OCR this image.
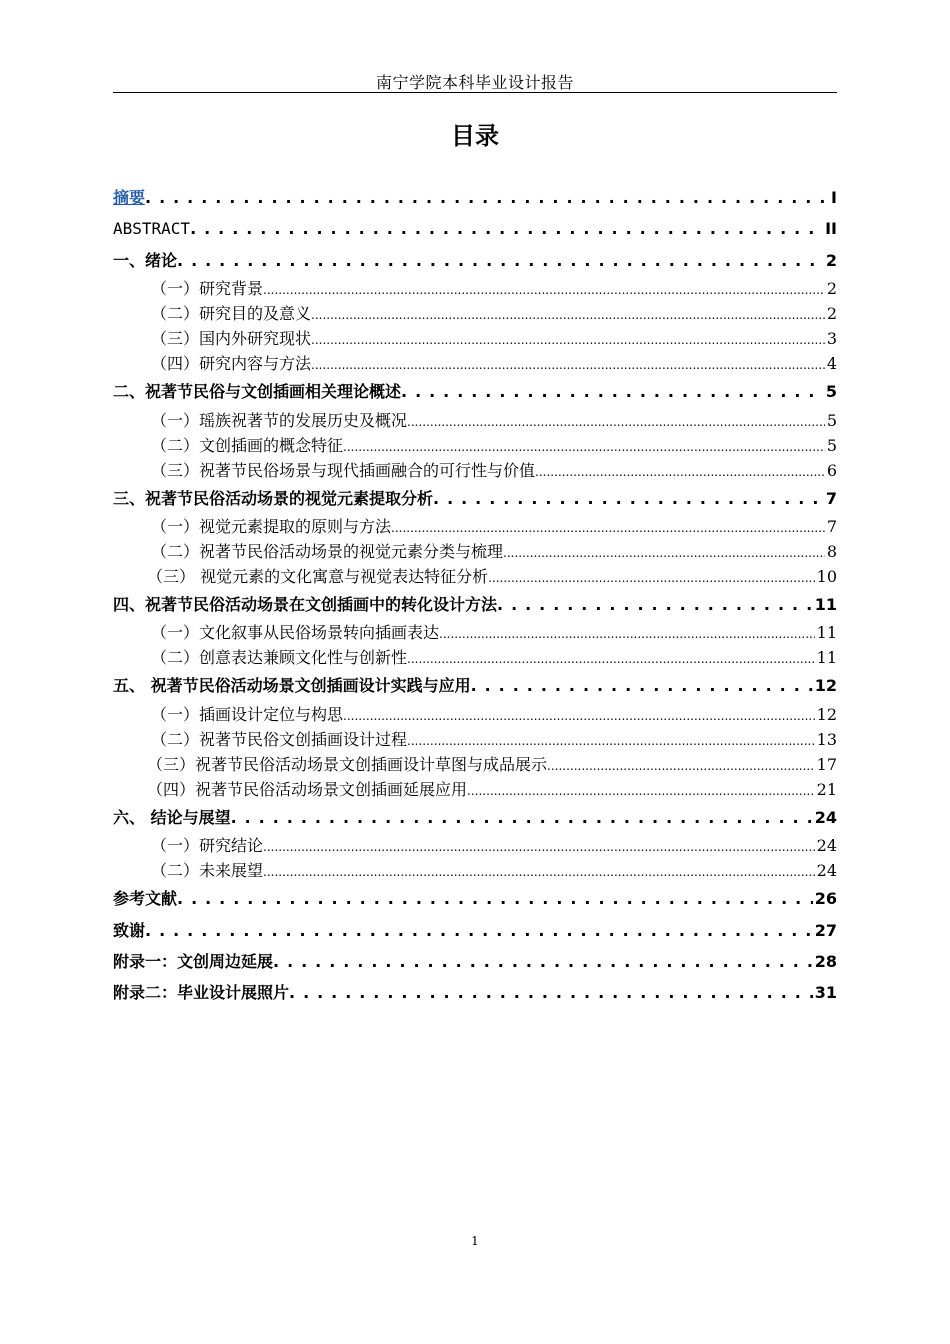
南宁学院本科毕业设计报告
目录
摘要 . . .	I
ABSTRACT . . .	II
一、绪论 . . .	2
（一）研究背景 .....	2
（二）研究目的及意义 .....	2
（三）国内外研究现状 .....	3
（四）研究内容与方法 .....	4
二、祝著节民俗与文创插画相关理论概述 . . .	5
（一）瑶族祝著节的发展历史及概况 .....	5
（二）文创插画的概念特征 .....	5
（三）祝著节民俗场景与现代插画融合的可行性与价值 .....	6
三、祝著节民俗活动场景的视觉元素提取分析 . . .	7
（一）视觉元素提取的原则与方法 .....	7
（二）祝著节民俗活动场景的视觉元素分类与梳理 .....	8
（三） 视觉元素的文化寓意与视觉表达特征分析 .....	10
四、祝著节民俗活动场景在文创插画中的转化设计方法 . . .	11
（一）文化叙事从民俗场景转向插画表达 .....	11
（二）创意表达兼顾文化性与创新性 .....	11
五、 祝著节民俗活动场景文创插画设计实践与应用 . . .	12
（一）插画设计定位与构思 .....	12
（二）祝著节民俗文创插画设计过程 .....	13
（三）祝著节民俗活动场景文创插画设计草图与成品展示 .....	17
（四）祝著节民俗活动场景文创插画延展应用 .....	21
六、 结论与展望 . . .	24
（一）研究结论 .....	24
（二）未来展望 .....	24
参考文献 . . .	26
致谢 . . .	27
附录一：文创周边延展 . . .	28
附录二：毕业设计展照片 . . .	31
1
